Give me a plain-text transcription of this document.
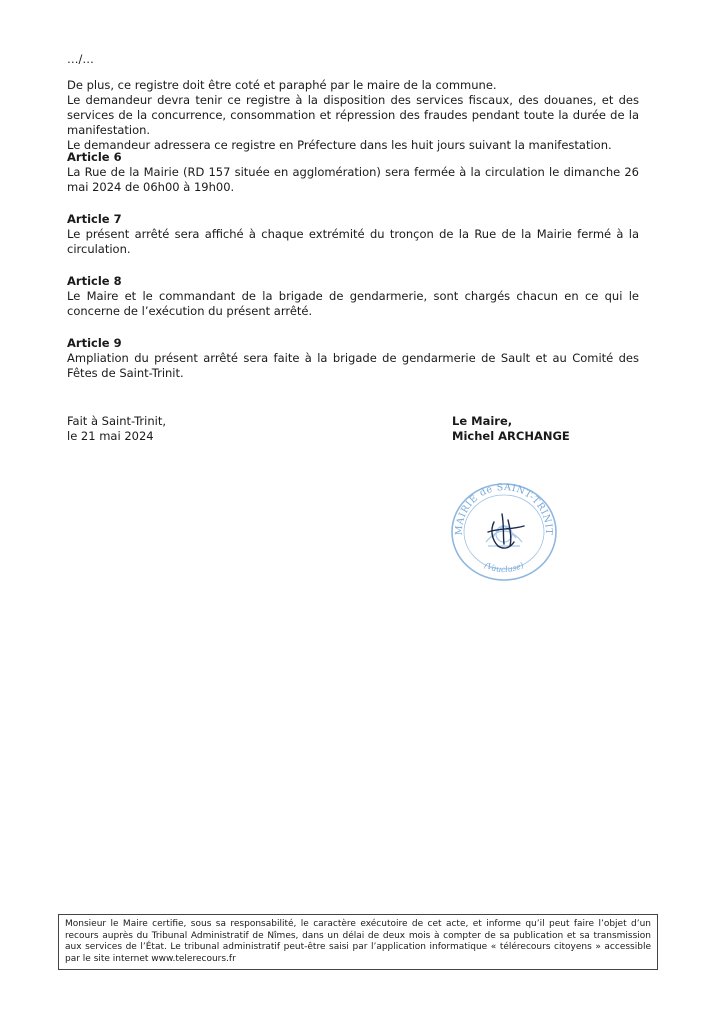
…/…

De plus, ce registre doit être coté et paraphé par le maire de la commune.

Le demandeur devra tenir ce registre à la disposition des services fiscaux, des douanes, et des services de la concurrence, consommation et répression des fraudes pendant toute la durée de la manifestation.

Le demandeur adressera ce registre en Préfecture dans les huit jours suivant la manifestation.

Article 6

La Rue de la Mairie (RD 157 située en agglomération) sera fermée à la circulation le dimanche 26 mai 2024 de 06h00 à 19h00.

Article 7

Le présent arrêté sera affiché à chaque extrémité du tronçon de la Rue de la Mairie fermé à la circulation.

Article 8

Le Maire et le commandant de la brigade de gendarmerie, sont chargés chacun en ce qui le concerne de l’exécution du présent arrêté.

Article 9

Ampliation du présent arrêté sera faite à la brigade de gendarmerie de Sault et au Comité des Fêtes de Saint-Trinit.

Fait à Saint-Trinit,
le 21 mai 2024
Le Maire,
Michel ARCHANGE
MAIRIE de SAINT-TRINIT
(Vaucluse)
Monsieur le Maire certifie, sous sa responsabilité, le caractère exécutoire de cet acte, et informe qu’il peut faire l’objet d’un recours auprès du Tribunal Administratif de Nîmes, dans un délai de deux mois à compter de sa publication et sa transmission aux services de l’État. Le tribunal administratif peut-être saisi par l’application informatique « télérecours citoyens » accessible par le site internet www.telerecours.fr
